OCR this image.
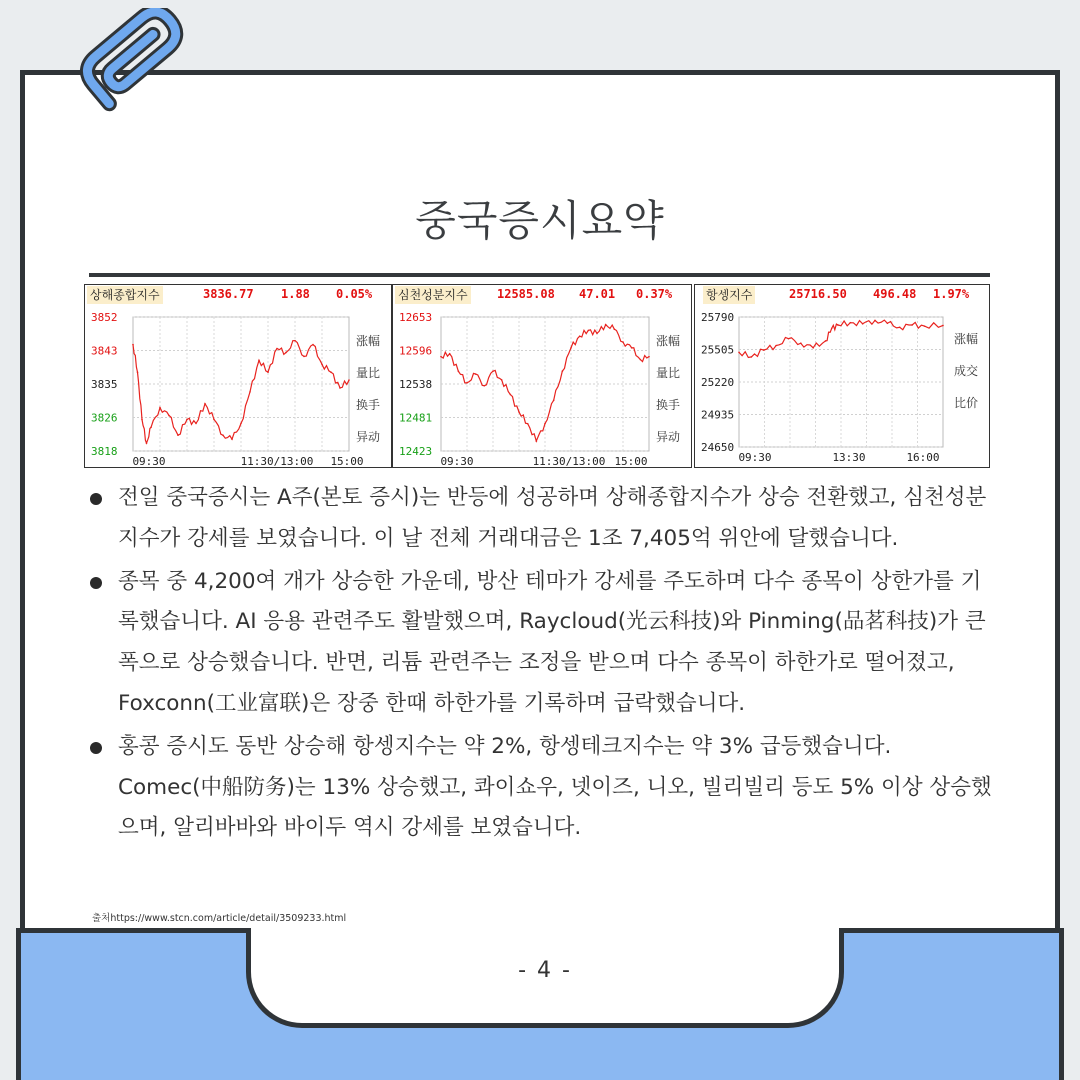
중국증시요약
상해종합지수	3836.77 1.88 0.05%
3852
3843
3835
3826
3818
09:30	11:30/13:00 15:00
涨幅
量比
换手
异动
심천성분지수 12585.08 47.01 0.37%
12653
12596
12538
12481
12423
09:30	11:30/13:00 15:00
涨幅
量比
换手
异动
항셍지수	25716.50 496.48 1.97%
25790
25505
25220
24935
24650
09:30	13:30	16:00
涨幅
成交
比价
전일 중국증시는 A주(본토 증시)는 반등에 성공하며 상해종합지수가 상승 전환했고, 심천성분지수가 강세를 보였습니다. 이 날 전체 거래대금은 1조 7,405억 위안에 달했습니다.
종목 중 4,200여 개가 상승한 가운데, 방산 테마가 강세를 주도하며 다수 종목이 상한가를 기록했습니다. AI 응용 관련주도 활발했으며, Raycloud(光云科技)와 Pinming(品茗科技)가 큰 폭으로 상승했습니다. 반면, 리튬 관련주는 조정을 받으며 다수 종목이 하한가로 떨어졌고, Foxconn(工业富联)은 장중 한때 하한가를 기록하며 급락했습니다.
홍콩 증시도 동반 상승해 항셍지수는 약 2%, 항셍테크지수는 약 3% 급등했습니다. Comec(中船防务)는 13% 상승했고, 콰이쇼우, 넷이즈, 니오, 빌리빌리 등도 5% 이상 상승했으며, 알리바바와 바이두 역시 강세를 보였습니다.
출처https://www.stcn.com/article/detail/3509233.html
- 4 -
